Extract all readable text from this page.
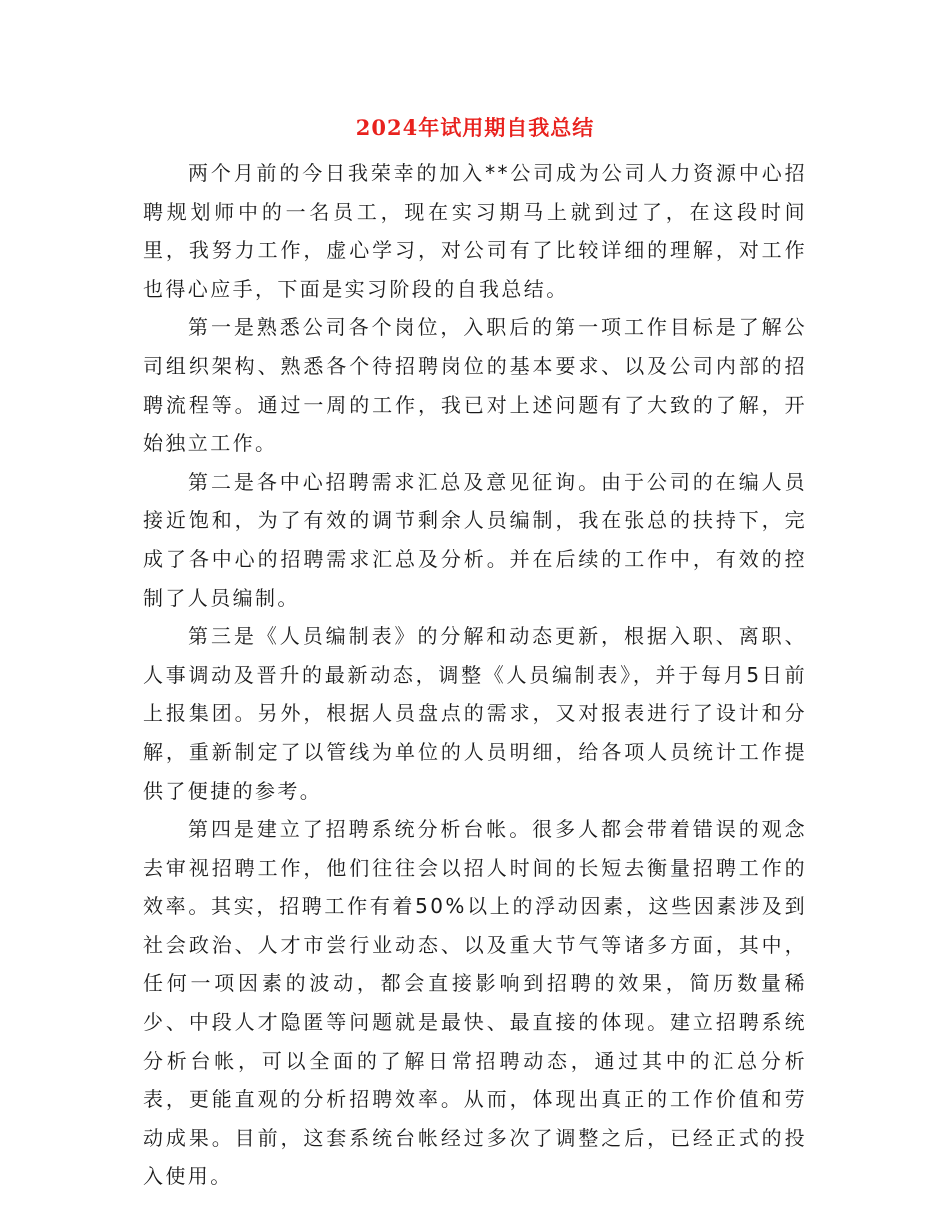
2024年试用期自我总结

两个月前的今日我荣幸的加入**公司成为公司人力资源中心招聘规划师中的一名员工，现在实习期马上就到过了，在这段时间里，我努力工作，虚心学习，对公司有了比较详细的理解，对工作也得心应手，下面是实习阶段的自我总结。

第一是熟悉公司各个岗位，入职后的第一项工作目标是了解公司组织架构、熟悉各个待招聘岗位的基本要求、以及公司内部的招聘流程等。通过一周的工作，我已对上述问题有了大致的了解，开始独立工作。

第二是各中心招聘需求汇总及意见征询。由于公司的在编人员接近饱和，为了有效的调节剩余人员编制，我在张总的扶持下，完成了各中心的招聘需求汇总及分析。并在后续的工作中，有效的控制了人员编制。

第三是《人员编制表》的分解和动态更新，根据入职、离职、人事调动及晋升的最新动态，调整《人员编制表》，并于每月5日前上报集团。另外，根据人员盘点的需求，又对报表进行了设计和分解，重新制定了以管线为单位的人员明细，给各项人员统计工作提供了便捷的参考。

第四是建立了招聘系统分析台帐。很多人都会带着错误的观念去审视招聘工作，他们往往会以招人时间的长短去衡量招聘工作的效率。其实，招聘工作有着50%以上的浮动因素，这些因素涉及到社会政治、人才市尝行业动态、以及重大节气等诸多方面，其中，任何一项因素的波动，都会直接影响到招聘的效果，简历数量稀少、中段人才隐匿等问题就是最快、最直接的体现。建立招聘系统分析台帐，可以全面的了解日常招聘动态，通过其中的汇总分析表，更能直观的分析招聘效率。从而，体现出真正的工作价值和劳动成果。目前，这套系统台帐经过多次了调整之后，已经正式的投入使用。
